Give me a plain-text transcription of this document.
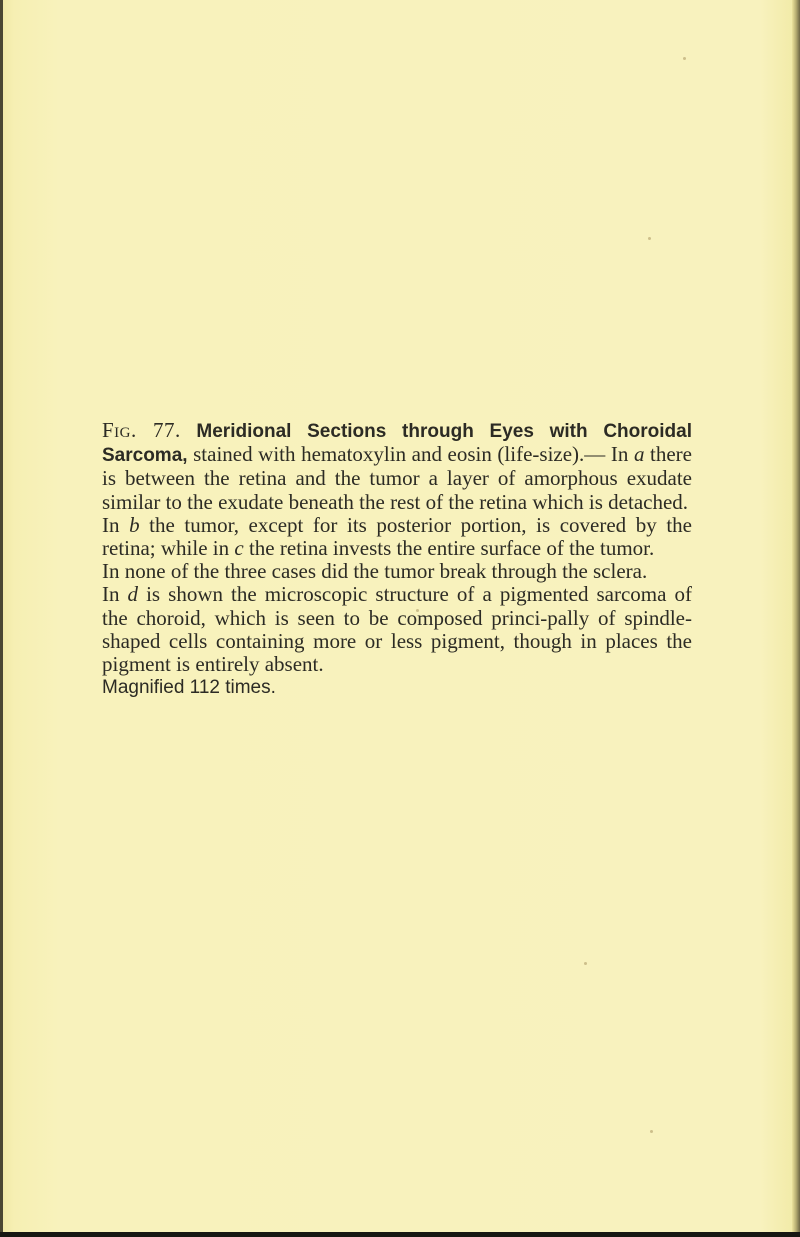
Fig. 77. Meridional Sections through Eyes with Choroidal Sarcoma, stained with hematoxylin and eosin (life-size).— In a there is between the retina and the tumor a layer of amorphous exudate similar to the exudate beneath the rest of the retina which is detached.

In b the tumor, except for its posterior portion, is covered by the retina; while in c the retina invests the entire surface of the tumor.

In none of the three cases did the tumor break through the sclera.

In d is shown the microscopic structure of a pigmented sarcoma of the choroid, which is seen to be composed princi-pally of spindle-shaped cells containing more or less pigment, though in places the pigment is entirely absent.

Magnified 112 times.
